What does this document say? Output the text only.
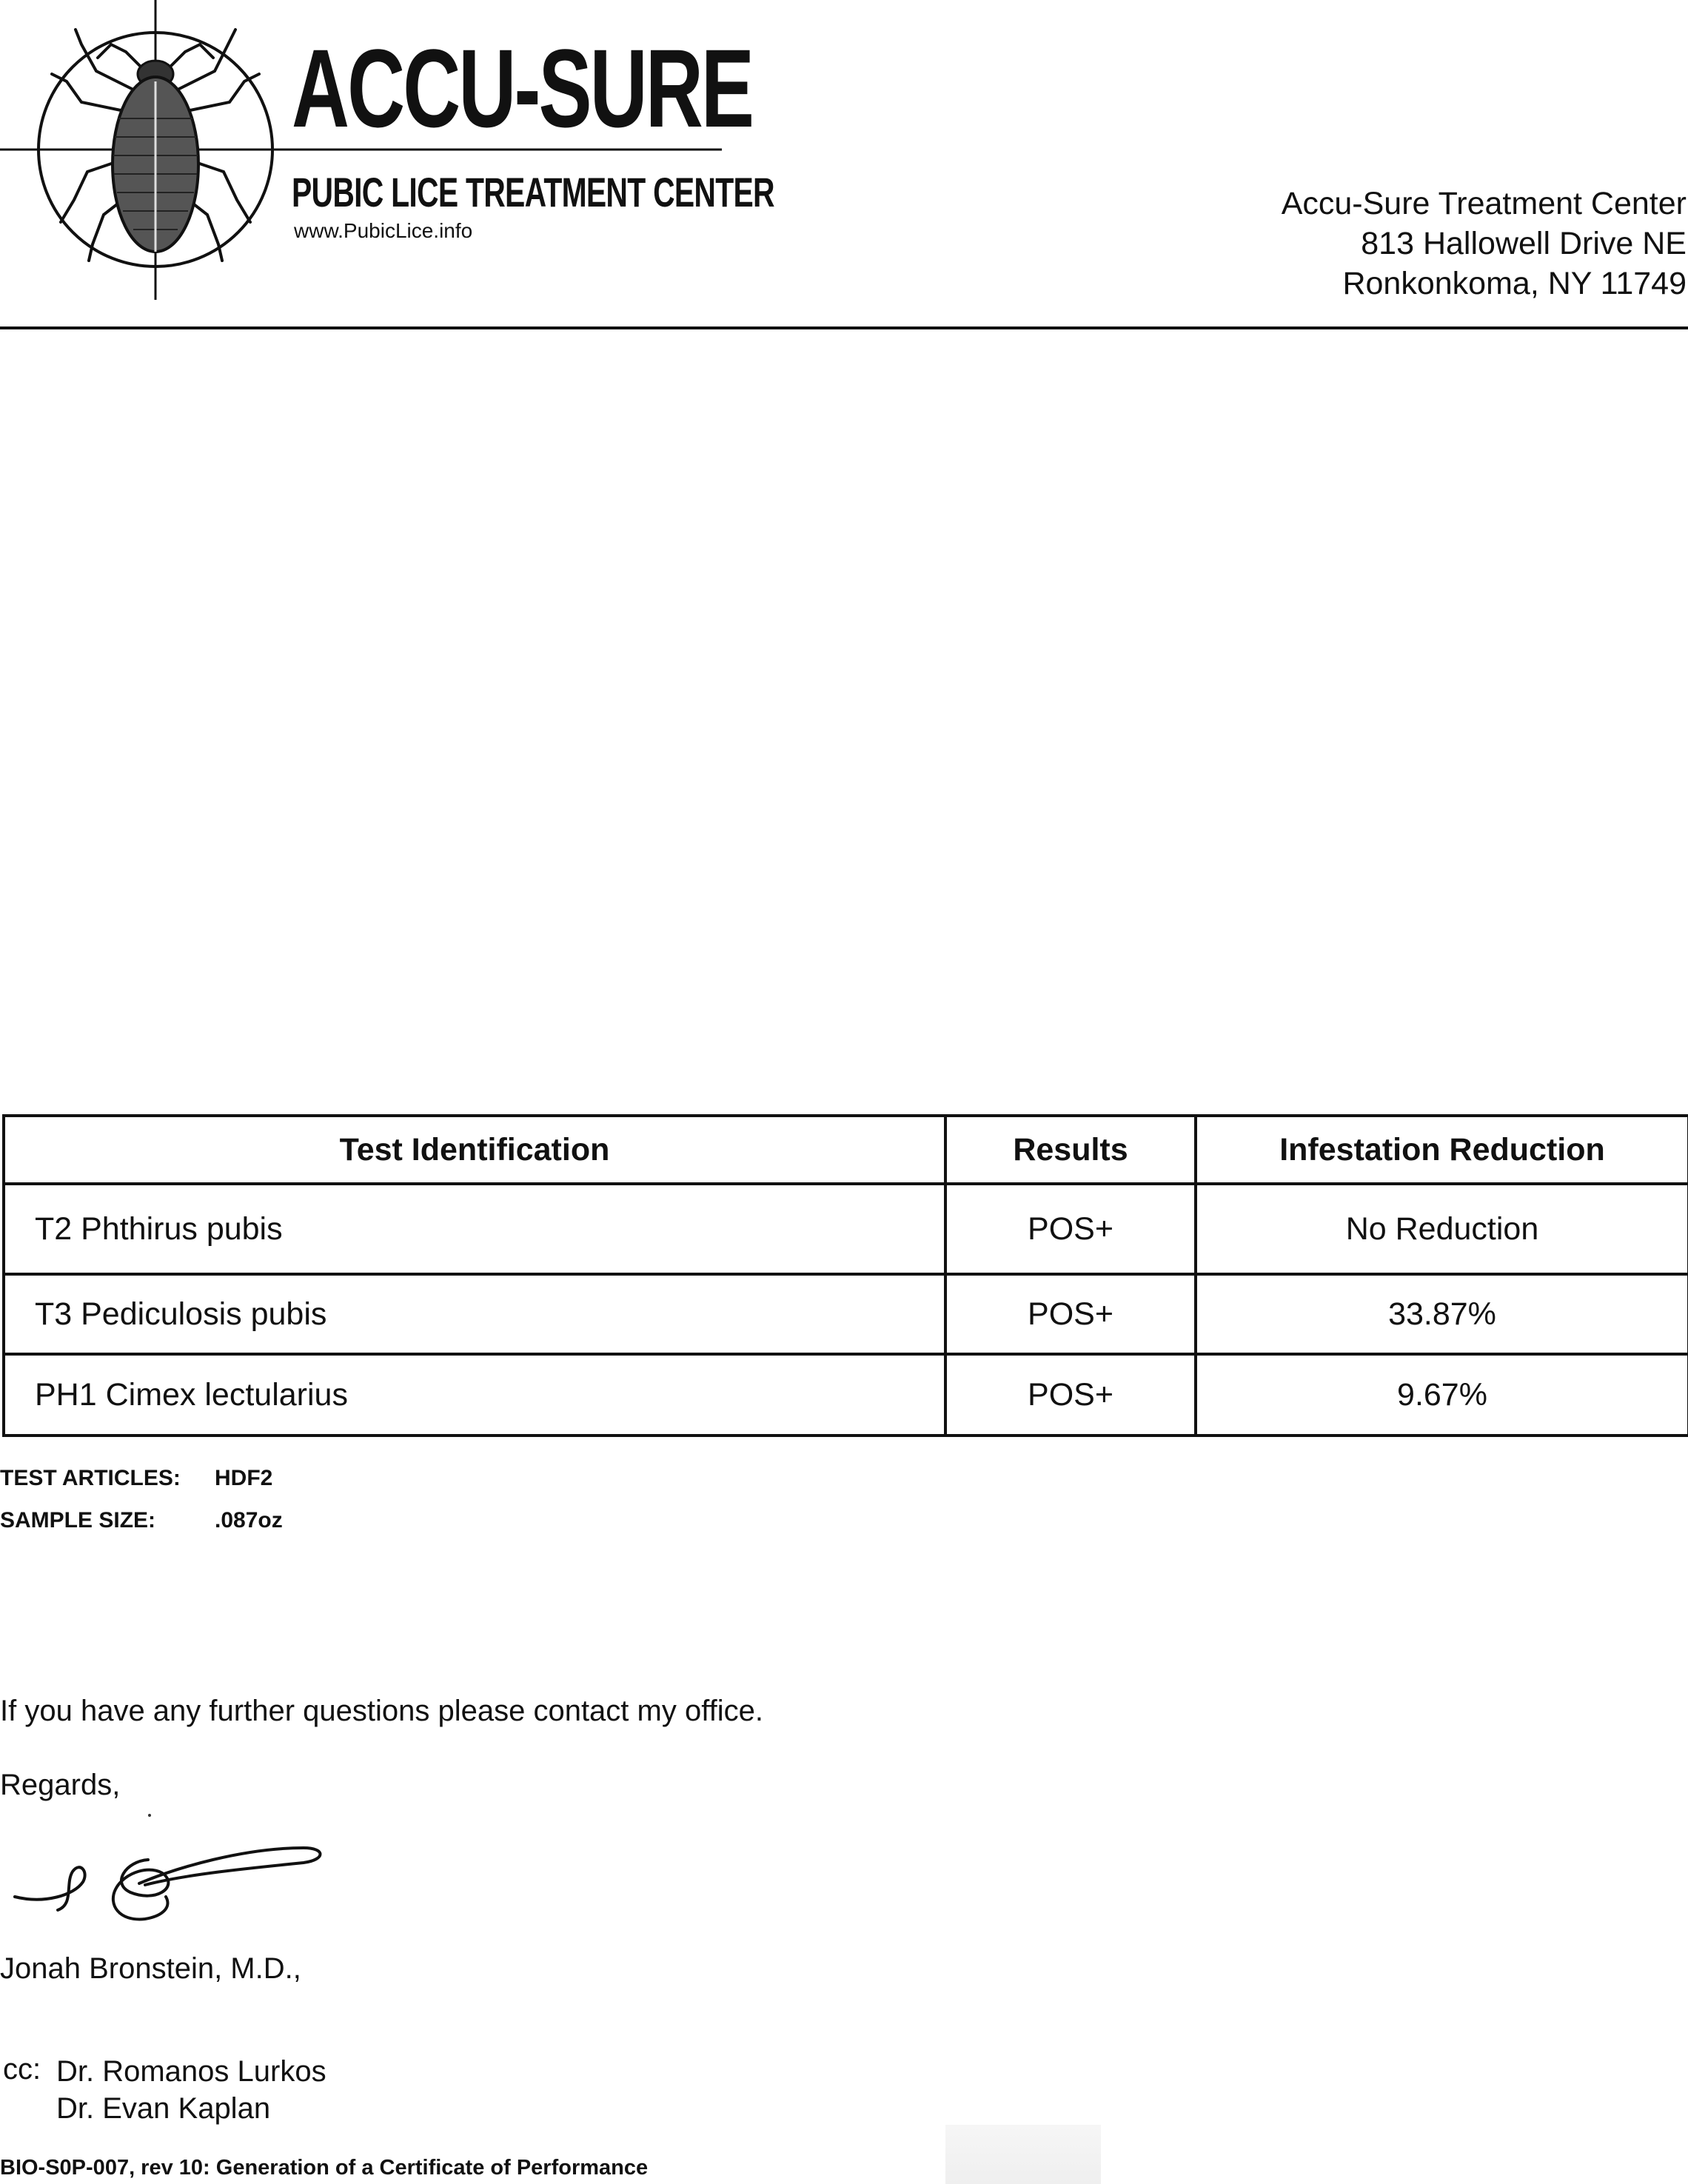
ACCU-SURE
PUBIC LICE TREATMENT CENTER
www.PubicLice.info
Accu-Sure Treatment Center
813 Hallowell Drive NE
Ronkonkoma, NY 11749
Test Identification	Results	Infestation Reduction
T2 Phthirus pubis	POS+	No Reduction
T3 Pediculosis pubis	POS+	33.87%
PH1 Cimex lectularius	POS+	9.67%
TEST ARTICLES: HDF2
SAMPLE SIZE:	.087oz
If you have any further questions please contact my office.
Regards,
Jonah Bronstein, M.D.,
cc: Dr. Romanos Lurkos
Dr. Evan Kaplan
BIO-S0P-007, rev 10: Generation of a Certificate of Performance
